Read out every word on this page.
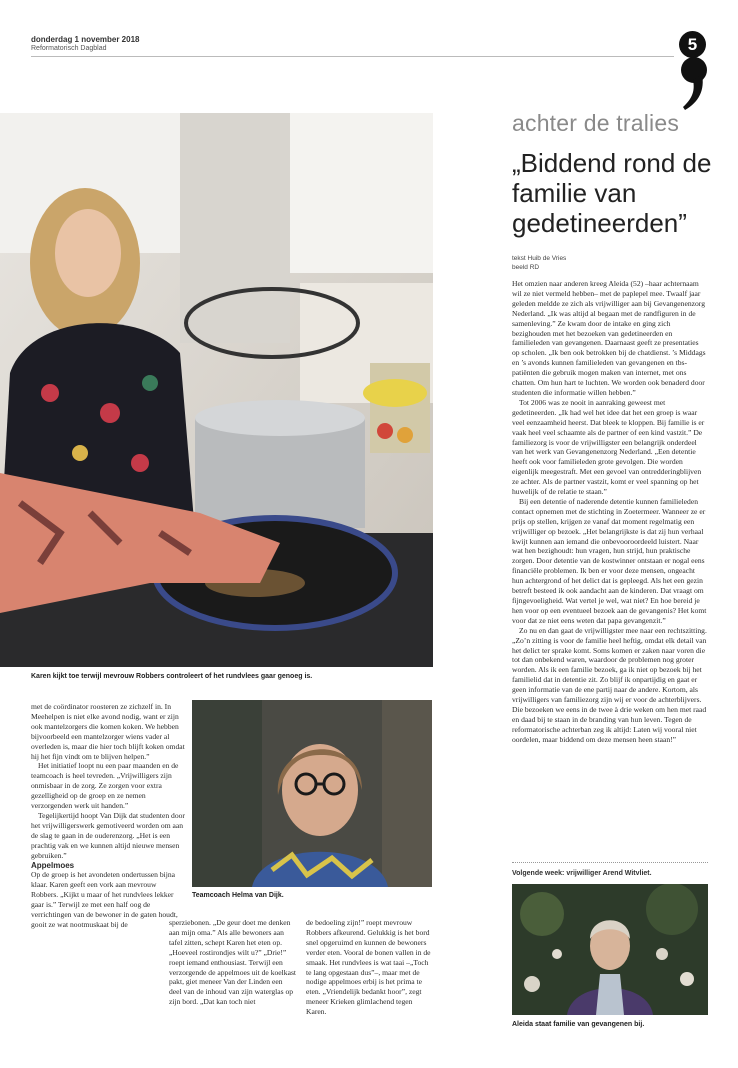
donderdag 1 november 2018
Reformatorisch Dagblad	5
Karen kijkt toe terwijl mevrouw Robbers controleert of het rundvlees gaar genoeg is.
achter de tralies
„Biddend rond de familie van gedetineerden”
tekst Huib de Vries
beeld RD

Het omzien naar anderen kreeg Aleida (52) –haar achternaam wil ze niet vermeld hebben– met de paplepel mee. Twaalf jaar geleden meldde ze zich als vrijwilliger aan bij Gevangenenzorg Nederland. „Ik was altijd al begaan met de randfiguren in de samenleving.” Ze kwam door de intake en ging zich bezighouden met het bezoeken van gedetineerden en familieleden van gevangenen. Daarnaast geeft ze presentaties op scholen. „Ik ben ook betrokken bij de chatdienst. ’s Middags en ’s avonds kunnen familieleden van gevangenen en tbs-patiënten die gebruik mogen maken van internet, met ons chatten. Om hun hart te luchten. We worden ook benaderd door studenten die informatie willen hebben.”

Tot 2006 was ze nooit in aanraking geweest met gedetineerden. „Ik had wel het idee dat het een groep is waar veel eenzaamheid heerst. Dat bleek te kloppen. Bij familie is er vaak heel veel schaamte als de partner of een kind vastzit.” De familiezorg is voor de vrijwilligster een belangrijk onderdeel van het werk van Gevangenenzorg Nederland. „Een detentie heeft ook voor familieleden grote gevolgen. Die worden eigenlijk meegestraft. Met een gevoel van ontredderingblijven ze achter. Als de partner vastzit, komt er veel spanning op het huwelijk of de relatie te staan.”

Bij een detentie of naderende detentie kunnen familieleden contact opnemen met de stichting in Zoetermeer. Wanneer ze er prijs op stellen, krijgen ze vanaf dat moment regelmatig een vrijwilliger op bezoek. „Het belangrijkste is dat zij hun verhaal kwijt kunnen aan iemand die onbevooroordeeld luistert. Naar wat hen bezighoudt: hun vragen, hun strijd, hun praktische zorgen. Door detentie van de kostwinner ontstaan er nogal eens financiële problemen. Ik ben er voor deze mensen, ongeacht hun achtergrond of het delict dat is gepleegd. Als het een gezin betreft besteed ik ook aandacht aan de kinderen. Dat vraagt om fijngevoeligheid. Wat vertel je wel, wat niet? En hoe bereid je hen voor op een eventueel bezoek aan de gevangenis? Het komt voor dat ze niet eens weten dat papa gevangenzit.”

Zo nu en dan gaat de vrijwilligster mee naar een rechtszitting. „Zo’n zitting is voor de familie heel heftig, omdat elk detail van het delict ter sprake komt. Soms komen er zaken naar voren die tot dan onbekend waren, waardoor de problemen nog groter worden. Als ik een familie bezoek, ga ik niet op bezoek bij het familielid dat in detentie zit. Zo blijf ik onpartijdig en gaat er geen informatie van de ene partij naar de andere. Kortom, als vrijwilligers van familiezorg zijn wij er voor de achterblijvers. Die bezoeken we eens in de twee à drie weken om hen met raad en daad bij te staan in de branding van hun leven. Tegen de reformatorische achterban zeg ik altijd: Laten wij vooral niet oordelen, maar biddend om deze mensen heen staan!”

Volgende week: vrijwilliger Arend Witvliet.
Aleida staat familie van gevangenen bij.

met de coördinator roosteren ze zichzelf in. In Meehelpen is niet elke avond nodig, want er zijn ook mantelzorgers die komen koken. We hebben bijvoorbeeld een mantelzorger wiens vader al overleden is, maar die hier toch blijft koken omdat hij het fijn vindt om te blijven helpen.”

Het initiatief loopt nu een paar maanden en de teamcoach is heel tevreden. „Vrijwilligers zijn onmisbaar in de zorg. Ze zorgen voor extra gezelligheid op de groep en ze nemen verzorgenden werk uit handen.”

Tegelijkertijd hoopt Van Dijk dat studenten door het vrijwilligerswerk gemotiveerd worden om aan de slag te gaan in de ouderenzorg. „Het is een prachtig vak en we kunnen altijd nieuwe mensen gebruiken.”

Appelmoes

Op de groep is het avondeten ondertussen bijna klaar. Karen geeft een vork aan mevrouw Robbers. „Kijkt u maar of het rundvlees lekker gaar is.” Terwijl ze met een half oog de verrichtingen van de bewoner in de gaten houdt, gooit ze wat nootmuskaat bij de

Teamcoach Helma van Dijk.

sperziebonen. „De geur doet me denken aan mijn oma.” Als alle bewoners aan tafel zitten, schept Karen het eten op. „Hoeveel rostirondjes wilt u?” „Drie!” roept iemand enthousiast. Terwijl een verzorgende de appelmoes uit de koelkast pakt, giet meneer Van der Linden een deel van de inhoud van zijn waterglas op zijn bord. „Dat kan toch niet

de bedoeling zijn!” roept mevrouw Robbers afkeurend. Gelukkig is het bord snel opgeruimd en kunnen de bewoners verder eten. Vooral de bonen vallen in de smaak. Het rundvlees is wat taai –„Toch te lang opgestaan dus”–, maar met de nodige appelmoes erbij is het prima te eten. „Vriendelijk bedankt hoor”, zegt meneer Krieken glimlachend tegen Karen.
